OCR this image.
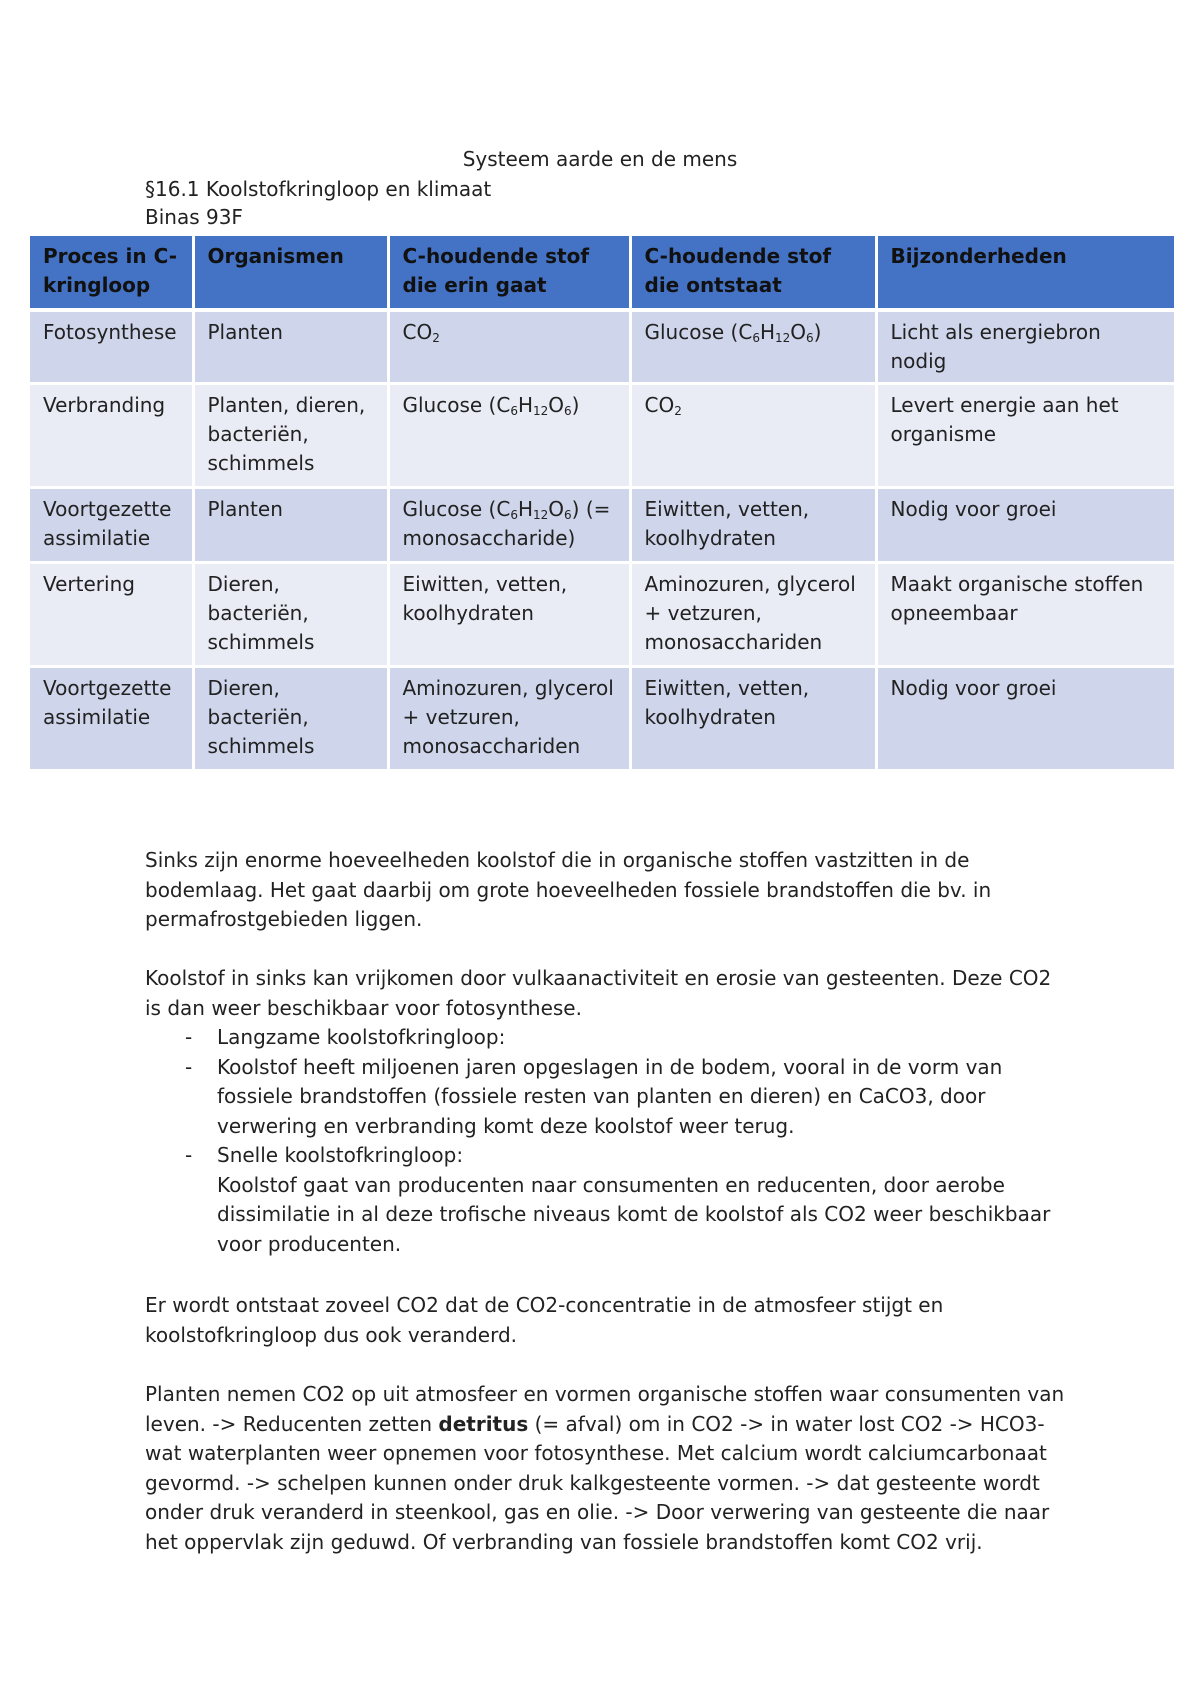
Systeem aarde en de mens
§16.1 Koolstofkringloop en klimaat
Binas 93F
Proces in C-kringloop	Organismen	C-houdende stof die erin gaat	C-houdende stof die ontstaat	Bijzonderheden
Fotosynthese	Planten	$CO_2$	Glucose $(C_6H_{12}O_6)$	Licht als energiebron nodig
Verbranding	Planten, dieren, bacteriën, schimmels	Glucose $(C_6H_{12}O_6)$	$CO_2$	Levert energie aan het organisme
Voortgezette assimilatie	Planten	Glucose $(C_6H_{12}O_6)$ (= monosaccharide)	Eiwitten, vetten, koolhydraten	Nodig voor groei
Vertering	Dieren, bacteriën, schimmels	Eiwitten, vetten, koolhydraten	Aminozuren, glycerol + vetzuren, monosacchariden	Maakt organische stoffen opneembaar
Voortgezette assimilatie	Dieren, bacteriën, schimmels	Aminozuren, glycerol + vetzuren, monosacchariden	Eiwitten, vetten, koolhydraten	Nodig voor groei

Sinks zijn enorme hoeveelheden koolstof die in organische stoffen vastzitten in de bodemlaag. Het gaat daarbij om grote hoeveelheden fossiele brandstoffen die bv. in permafrostgebieden liggen.

Koolstof in sinks kan vrijkomen door vulkaanactiviteit en erosie van gesteenten. Deze CO2 is dan weer beschikbaar voor fotosynthese.

- Langzame koolstofkringloop:

- Koolstof heeft miljoenen jaren opgeslagen in de bodem, vooral in de vorm van fossiele brandstoffen (fossiele resten van planten en dieren) en CaCO3, door verwering en verbranding komt deze koolstof weer terug.

- Snelle koolstofkringloop:

Koolstof gaat van producenten naar consumenten en reducenten, door aerobe dissimilatie in al deze trofische niveaus komt de koolstof als CO2 weer beschikbaar voor producenten.

Er wordt ontstaat zoveel CO2 dat de CO2-concentratie in de atmosfeer stijgt en koolstofkringloop dus ook veranderd.

Planten nemen CO2 op uit atmosfeer en vormen organische stoffen waar consumenten van leven. -> Reducenten zetten detritus (= afval) om in CO2 -> in water lost CO2 -> HCO3- wat waterplanten weer opnemen voor fotosynthese. Met calcium wordt calciumcarbonaat gevormd. -> schelpen kunnen onder druk kalkgesteente vormen. -> dat gesteente wordt onder druk veranderd in steenkool, gas en olie. -> Door verwering van gesteente die naar het oppervlak zijn geduwd. Of verbranding van fossiele brandstoffen komt CO2 vrij.
